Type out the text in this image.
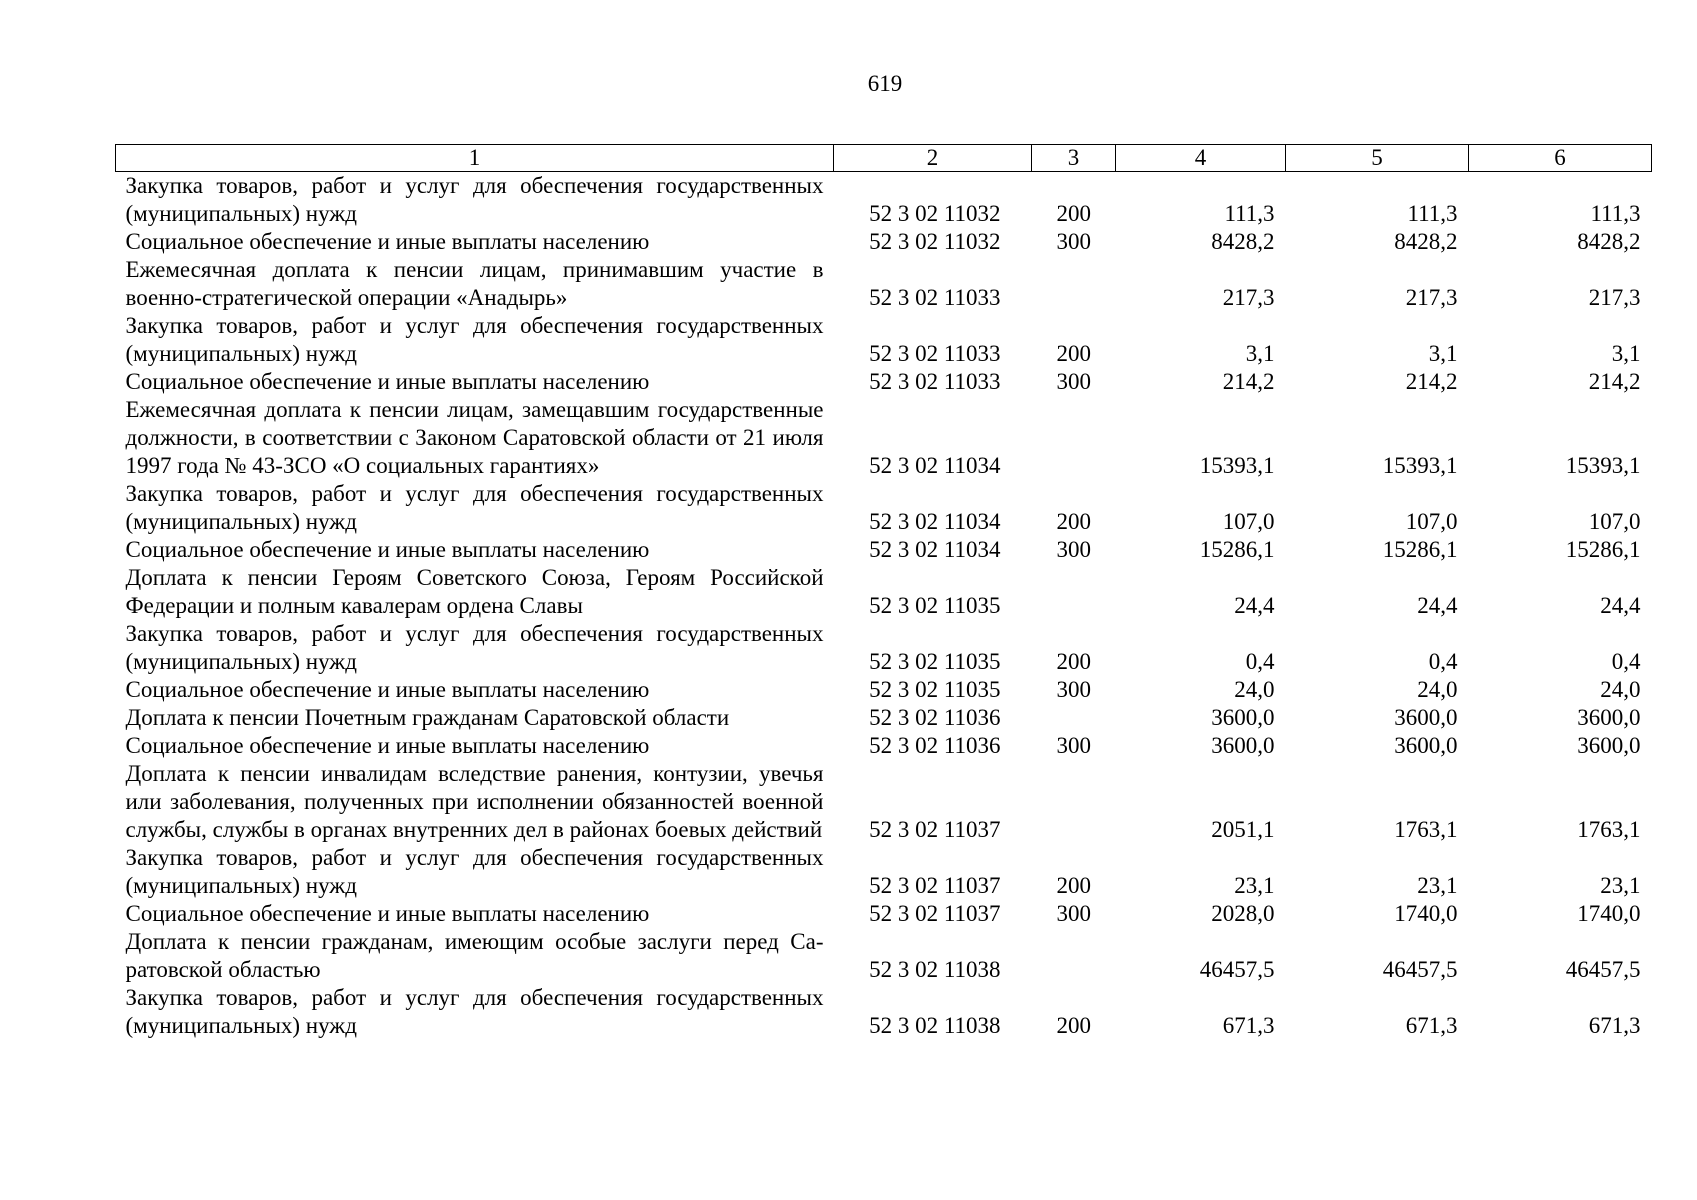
619
1	2	3	4	5	6
Закупка товаров, работ и услуг для обеспечения государственных (муниципальных) нужд	52 3 02 11032	200	111,3	111,3	111,3
Социальное обеспечение и иные выплаты населению	52 3 02 11032	300	8428,2	8428,2	8428,2
Ежемесячная доплата к пенсии лицам, принимавшим участие в военно-стратегической операции «Анадырь»	52 3 02 11033		217,3	217,3	217,3
Закупка товаров, работ и услуг для обеспечения государственных (муниципальных) нужд	52 3 02 11033	200	3,1	3,1	3,1
Социальное обеспечение и иные выплаты населению	52 3 02 11033	300	214,2	214,2	214,2
Ежемесячная доплата к пенсии лицам, замещавшим государственные должности, в соответствии с Законом Саратовской области от 21 июля 1997 года № 43-ЗСО «О социальных гарантиях»	52 3 02 11034		15393,1	15393,1	15393,1
Закупка товаров, работ и услуг для обеспечения государственных (муниципальных) нужд	52 3 02 11034	200	107,0	107,0	107,0
Социальное обеспечение и иные выплаты населению	52 3 02 11034	300	15286,1	15286,1	15286,1
Доплата к пенсии Героям Советского Союза, Героям Российской Федерации и полным кавалерам ордена Славы	52 3 02 11035		24,4	24,4	24,4
Закупка товаров, работ и услуг для обеспечения государственных (муниципальных) нужд	52 3 02 11035	200	0,4	0,4	0,4
Социальное обеспечение и иные выплаты населению	52 3 02 11035	300	24,0	24,0	24,0
Доплата к пенсии Почетным гражданам Саратовской области	52 3 02 11036		3600,0	3600,0	3600,0
Социальное обеспечение и иные выплаты населению	52 3 02 11036	300	3600,0	3600,0	3600,0
Доплата к пенсии инвалидам вследствие ранения, контузии, увечья или заболевания, полученных при исполнении обязанностей военной службы, службы в органах внутренних дел в районах боевых действий	52 3 02 11037		2051,1	1763,1	1763,1
Закупка товаров, работ и услуг для обеспечения государственных (муниципальных) нужд	52 3 02 11037	200	23,1	23,1	23,1
Социальное обеспечение и иные выплаты населению	52 3 02 11037	300	2028,0	1740,0	1740,0
Доплата к пенсии гражданам, имеющим особые заслуги перед Саратовской областью	52 3 02 11038		46457,5	46457,5	46457,5
Закупка товаров, работ и услуг для обеспечения государственных (муниципальных) нужд	52 3 02 11038	200	671,3	671,3	671,3
